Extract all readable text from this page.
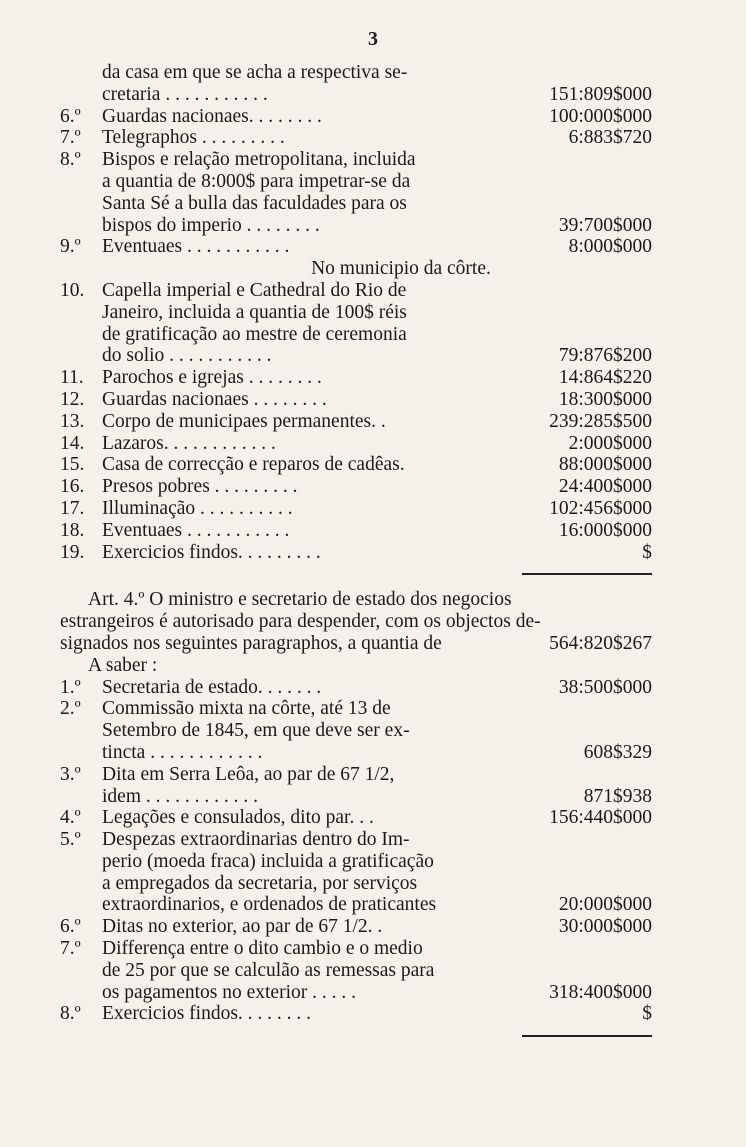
3
da casa em que se acha a respectiva se-
cretaria . . . . . . . . . . .	151:809$000
6.º	Guardas nacionaes. . . . . . . .	100:000$000
7.º	Telegraphos . . . . . . . . .	6:883$720
8.º	Bispos e relação metropolitana, incluida
a quantia de 8:000$ para impetrar-se da
Santa Sé a bulla das faculdades para os
bispos do imperio . . . . . . . .	39:700$000
9.º	Eventuaes . . . . . . . . . . .	8:000$000
No municipio da côrte.
10. Capella imperial e Cathedral do Rio de
Janeiro, incluida a quantia de 100$ réis
de gratificação ao mestre de ceremonia
do solio . . . . . . . . . . .	79:876$200
11. Parochos e igrejas . . . . . . . .	14:864$220
12. Guardas nacionaes . . . . . . . .	18:300$000
13. Corpo de municipaes permanentes. .	239:285$500
14. Lazaros. . . . . . . . . . . .	2:000$000
15. Casa de correcção e reparos de cadêas.	88:000$000
16. Presos pobres . . . . . . . . .	24:400$000
17. Illuminação . . . . . . . . . .	102:456$000
18. Eventuaes . . . . . . . . . . .	16:000$000
19. Exercicios findos. . . . . . . . .	$
Art. 4.º O ministro e secretario de estado dos negocios
estrangeiros é autorisado para despender, com os objectos de-
signados nos seguintes paragraphos, a quantia de	564:820$267
A saber :
1.º	Secretaria de estado. . . . . . .	38:500$000
2.º	Commissão mixta na côrte, até 13 de
Setembro de 1845, em que deve ser ex-
tincta . . . . . . . . . . . .	608$329
3.º	Dita em Serra Leôa, ao par de 67 1/2,
idem . . . . . . . . . . . .	871$938
4.º	Legações e consulados, dito par. . .	156:440$000
5.º	Despezas extraordinarias dentro do Im-
perio (moeda fraca) incluida a gratificação
a empregados da secretaria, por serviços
extraordinarios, e ordenados de praticantes	20:000$000
6.º	Ditas no exterior, ao par de 67 1/2. .	30:000$000
7.º	Differença entre o dito cambio e o medio
de 25 por que se calculão as remessas para
os pagamentos no exterior . . . . .	318:400$000
8.º	Exercicios findos. . . . . . . .	$
